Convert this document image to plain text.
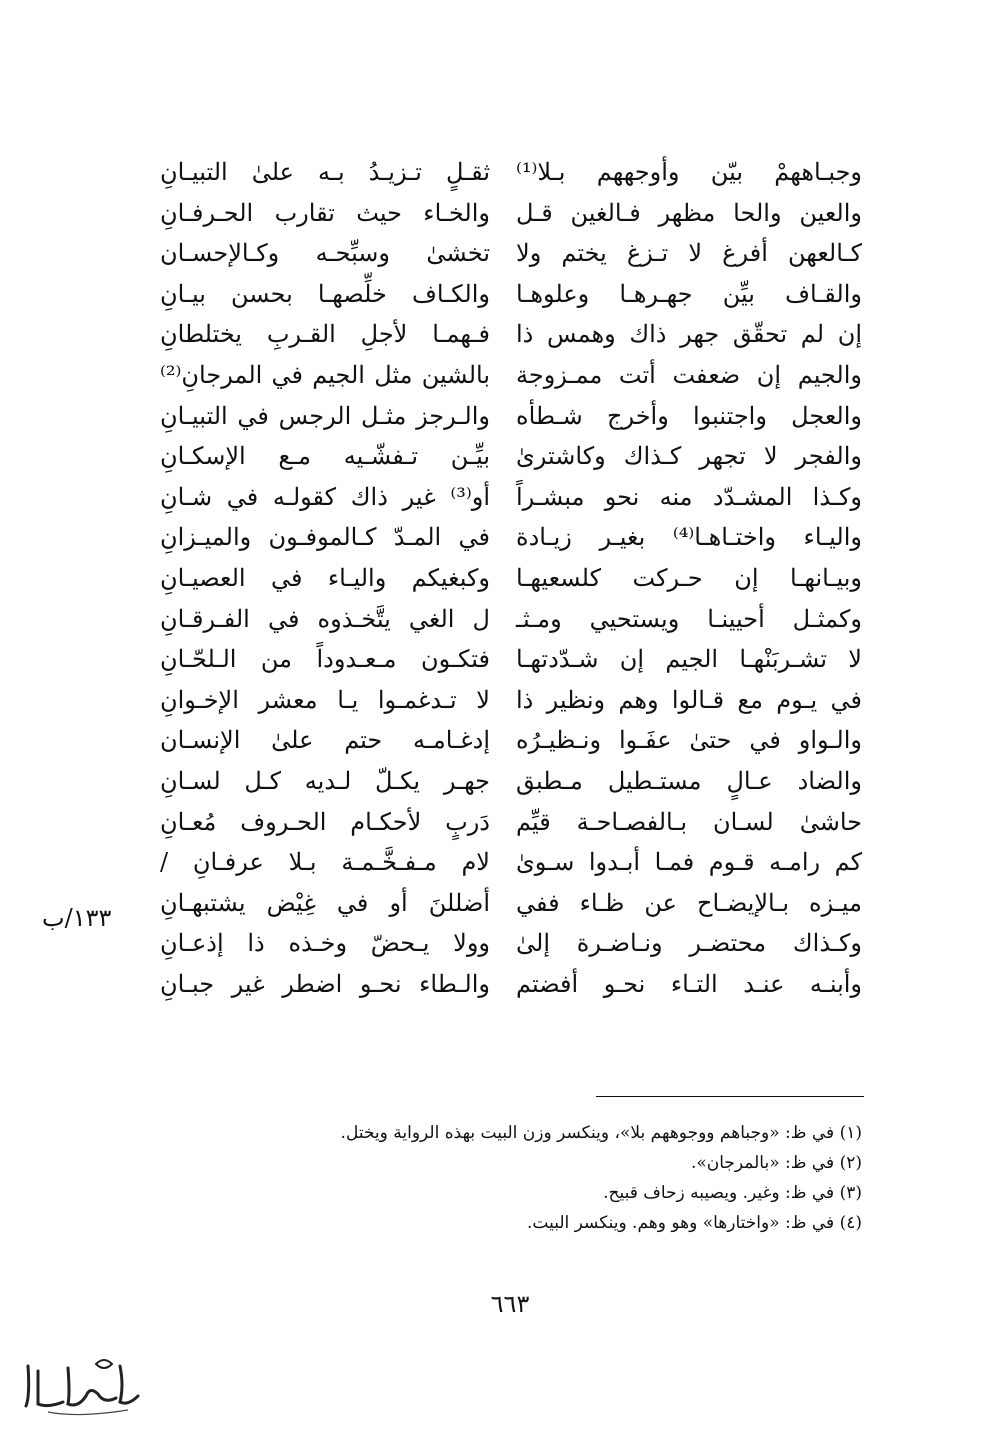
وجبـاههمْ بيّن وأوجههم بـلا⁽¹⁾
والعين والحا مظهر فـالغين قـل
كـالعهن أفرغ لا تـزغ يختم ولا
والقـاف بيِّن جهـرهـا وعلوهـا
إن لم تحقّق جهر ذاك وهمس ذا
والجيم إن ضعفت أتت ممـزوجة
والعجل واجتنبوا وأخرج شـطأه
والفجر لا تجهر كـذاك وكاشترىٰ
وكـذا المشـدّد منه نحو مبشـراً
واليـاء واختـاهـا⁽⁴⁾ بغيـر زيـادة
وبيـانهـا إن حـركت كلسعيهـا
وكمثـل أحيينـا ويستحيي ومـثـ
لا تشـربَنْهـا الجيم إن شـدّدتهـا
في يـوم مع قـالوا وهم ونظير ذا
والـواو في حتىٰ عفَـوا ونـظيـرُه
والضاد عـالٍ مستـطيل مـطبق
حاشىٰ لسـان بـالفصـاحـة قيِّم
كم رامـه قـوم فمـا أبـدوا سـوىٰ
ميـزه بـالإيضـاح عن ظـاء ففي
وكـذاك محتضـر ونـاضـرة إلىٰ
وأبنـه عنـد التـاء نحـو أفضتم
ثقـلٍ تـزيـدُ بـه علىٰ التبيـانِ
والخـاء حيث تقارب الحـرفـانِ
تخشىٰ وسبِّحـه وكـالإحسـان
والكـاف خلِّصهـا بحسن بيـانِ
فـهمـا لأجلِ القـربِ يختلطانِ
بالشين مثل الجيم في المرجانِ⁽²⁾
والـرجز مثـل الرجس في التبيـانِ
بيِّـن تـفشّـيه مـع الإسكـانِ
أو⁽³⁾ غير ذاك كقولـه في شـانِ
في المـدّ كـالموفـون والميـزانِ
وكبغيكم واليـاء في العصيـانِ
ل الغي يتَّخـذوه في الفـرقـانِ
فتكـون مـعـدوداً من الـلحّـانِ
لا تـدغمـوا يـا معشر الإخـوانِ
إدغـامـه حتم علىٰ الإنسـان
جهـر يكـلّ لـديه كـل لسـانِ
دَربٍ لأحكـام الحـروف مُعـانِ
لام مـفـخَّـمـة بـلا عرفـانِ /
أضللنَ أو في غِيْض يشتبهـانِ
وولا يـحضّ وخـذه ذا إذعـانِ
والـطاء نحـو اضطر غير جبـانِ
١٣٣/ب
(١) في ظ: «وجباهم ووجوههم بلا»، وينكسر وزن البيت بهذه الرواية ويختل.
(٢) في ظ: «بالمرجان».
(٣) في ظ: وغير. ويصيبه زحاف قبيح.
(٤) في ظ: «واختارها» وهو وهم. وينكسر البيت.
٦٦٣
